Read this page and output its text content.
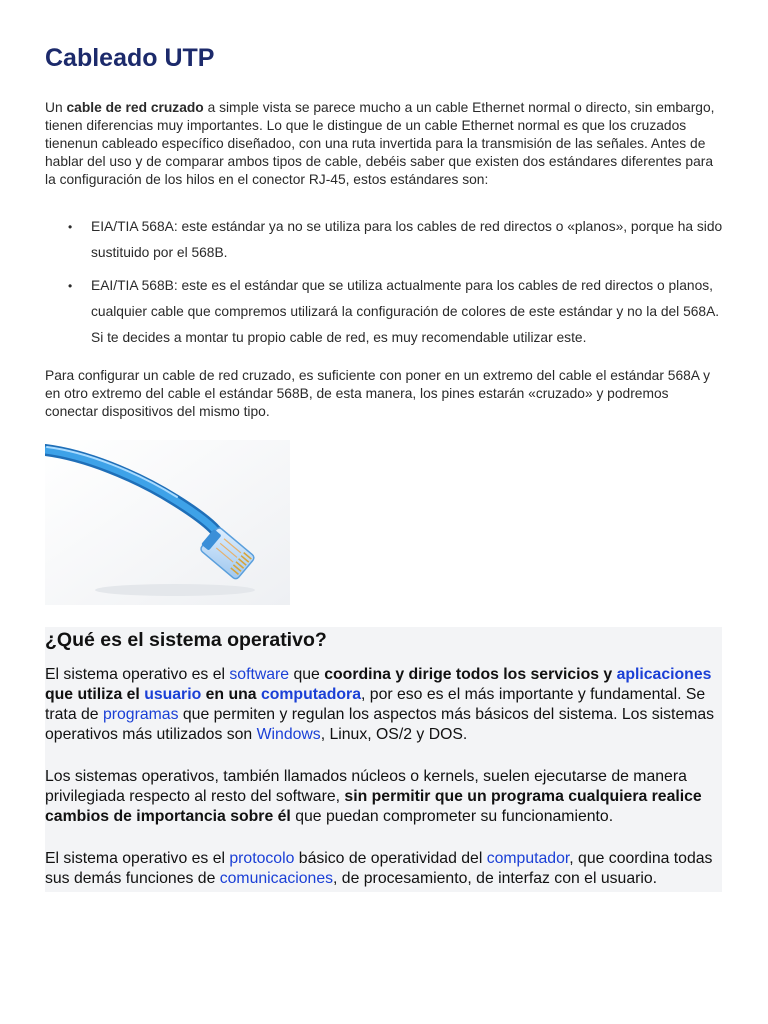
Cableado UTP

Un cable de red cruzado a simple vista se parece mucho a un cable Ethernet normal o directo, sin embargo, tienen diferencias muy importantes. Lo que le distingue de un cable Ethernet normal es que los cruzados tienenun cableado específico diseñadoo, con una ruta invertida para la transmisión de las señales. Antes de hablar del uso y de comparar ambos tipos de cable, debéis saber que existen dos estándares diferentes para la configuración de los hilos en el conector RJ-45, estos estándares son:

• EIA/TIA 568A: este estándar ya no se utiliza para los cables de red directos o «planos», porque ha sido sustituido por el 568B.
• EAI/TIA 568B: este es el estándar que se utiliza actualmente para los cables de red directos o planos, cualquier cable que compremos utilizará la configuración de colores de este estándar y no la del 568A. Si te decides a montar tu propio cable de red, es muy recomendable utilizar este.

Para configurar un cable de red cruzado, es suficiente con poner en un extremo del cable el estándar 568A y en otro extremo del cable el estándar 568B, de esta manera, los pines estarán «cruzado» y podremos conectar dispositivos del mismo tipo.

¿Qué es el sistema operativo?

El sistema operativo es el software que coordina y dirige todos los servicios y aplicaciones que utiliza el usuario en una computadora, por eso es el más importante y fundamental. Se trata de programas que permiten y regulan los aspectos más básicos del sistema. Los sistemas operativos más utilizados son Windows, Linux, OS/2 y DOS.

Los sistemas operativos, también llamados núcleos o kernels, suelen ejecutarse de manera privilegiada respecto al resto del software, sin permitir que un programa cualquiera realice cambios de importancia sobre él que puedan comprometer su funcionamiento.

El sistema operativo es el protocolo básico de operatividad del computador, que coordina todas sus demás funciones de comunicaciones, de procesamiento, de interfaz con el usuario.
